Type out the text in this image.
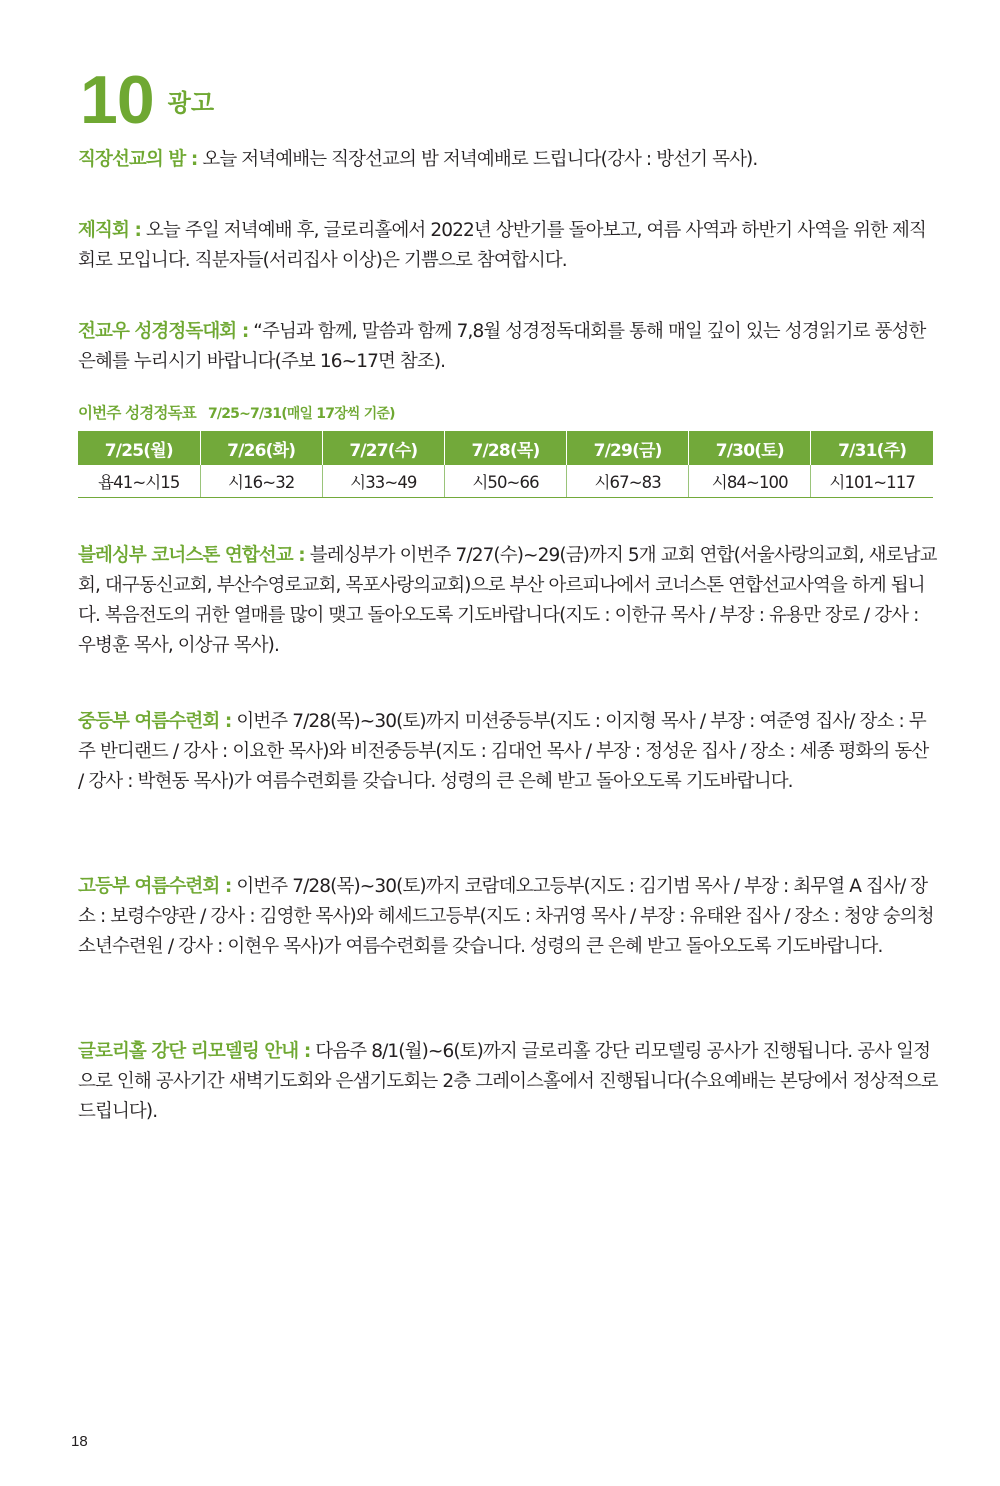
10 광고

직장선교의 밤 : 오늘 저녁예배는 직장선교의 밤 저녁예배로 드립니다(강사 : 방선기 목사).

제직회 : 오늘 주일 저녁예배 후, 글로리홀에서 2022년 상반기를 돌아보고, 여름 사역과 하반기 사역을 위한 제직회로 모입니다. 직분자들(서리집사 이상)은 기쁨으로 참여합시다.

전교우 성경정독대회 : “주님과 함께, 말씀과 함께 7,8월 성경정독대회를 통해 매일 깊이 있는 성경읽기로 풍성한 은혜를 누리시기 바랍니다(주보 16~17면 참조).

이번주 성경정독표 7/25~7/31(매일 17장씩 기준)
7/25(월)	7/26(화)	7/27(수)	7/28(목)	7/29(금)	7/30(토)	7/31(주)
욥41~시15	시16~32	시33~49	시50~66	시67~83	시84~100	시101~117

블레싱부 코너스톤 연합선교 : 블레싱부가 이번주 7/27(수)~29(금)까지 5개 교회 연합(서울사랑의교회, 새로남교회, 대구동신교회, 부산수영로교회, 목포사랑의교회)으로 부산 아르피나에서 코너스톤 연합선교사역을 하게 됩니다. 복음전도의 귀한 열매를 많이 맺고 돌아오도록 기도바랍니다(지도 : 이한규 목사 / 부장 : 유용만 장로 / 강사 : 우병훈 목사, 이상규 목사).

중등부 여름수련회 : 이번주 7/28(목)~30(토)까지 미션중등부(지도 : 이지형 목사 / 부장 : 여준영 집사/ 장소 : 무주 반디랜드 / 강사 : 이요한 목사)와 비전중등부(지도 : 김대언 목사 / 부장 : 정성운 집사 / 장소 : 세종 평화의 동산 / 강사 : 박현동 목사)가 여름수련회를 갖습니다. 성령의 큰 은혜 받고 돌아오도록 기도바랍니다.

고등부 여름수련회 : 이번주 7/28(목)~30(토)까지 코람데오고등부(지도 : 김기범 목사 / 부장 : 최무열 A 집사/ 장소 : 보령수양관 / 강사 : 김영한 목사)와 헤세드고등부(지도 : 차귀영 목사 / 부장 : 유태완 집사 / 장소 : 청양 숭의청소년수련원 / 강사 : 이현우 목사)가 여름수련회를 갖습니다. 성령의 큰 은혜 받고 돌아오도록 기도바랍니다.

글로리홀 강단 리모델링 안내 : 다음주 8/1(월)~6(토)까지 글로리홀 강단 리모델링 공사가 진행됩니다. 공사 일정으로 인해 공사기간 새벽기도회와 은샘기도회는 2층 그레이스홀에서 진행됩니다(수요예배는 본당에서 정상적으로 드립니다).

18
